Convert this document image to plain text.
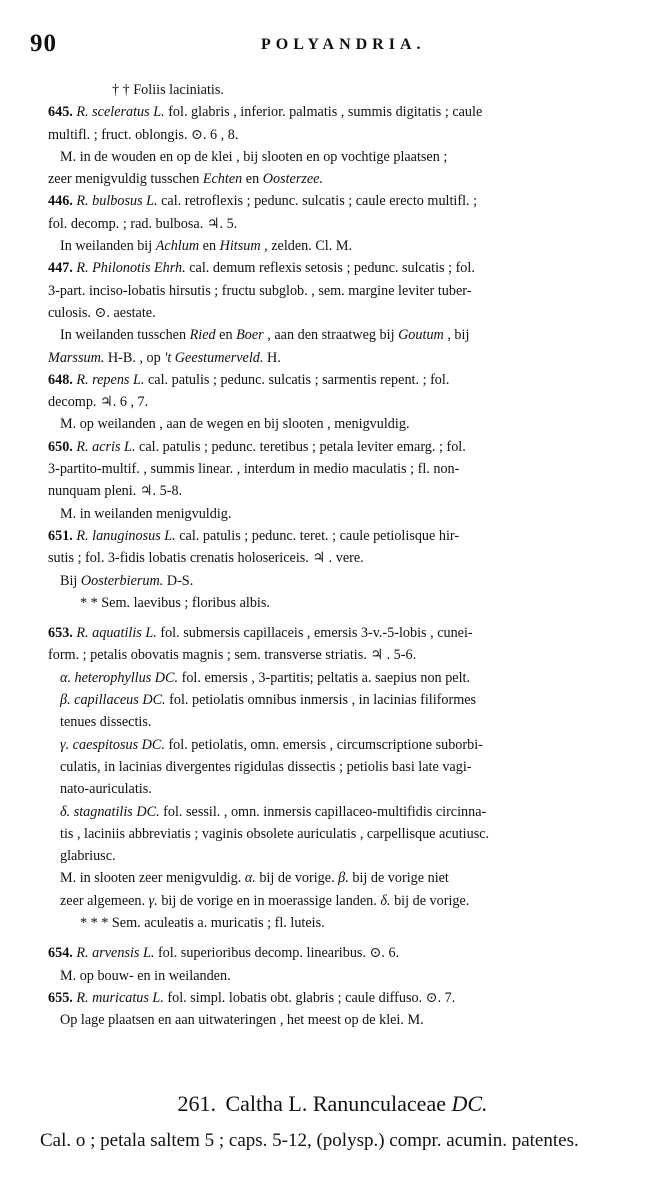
90	POLYANDRIA.
† † Foliis laciniatis.
645. R. sceleratus L. fol. glabris , inferior. palmatis , summis digitatis ; caule
multifl. ; fruct. oblongis. ⊙. 6 , 8.
M. in de wouden en op de klei , bij slooten en op vochtige plaatsen ;
zeer menigvuldig tusschen Echten en Oosterzee.
446. R. bulbosus L. cal. retroflexis ; pedunc. sulcatis ; caule erecto multifl. ;
fol. decomp. ; rad. bulbosa. ♃. 5.
In weilanden bij Achlum en Hitsum , zelden. Cl. M.
447. R. Philonotis Ehrh. cal. demum reflexis setosis ; pedunc. sulcatis ; fol.
3-part. inciso-lobatis hirsutis ; fructu subglob. , sem. margine leviter tuber-
culosis. ⊙. aestate.
In weilanden tusschen Ried en Boer , aan den straatweg bij Goutum , bij
Marssum. H-B. , op 't Geestumerveld. H.
648. R. repens L. cal. patulis ; pedunc. sulcatis ; sarmentis repent. ; fol.
decomp. ♃. 6 , 7.
M. op weilanden , aan de wegen en bij slooten , menigvuldig.
650. R. acris L. cal. patulis ; pedunc. teretibus ; petala leviter emarg. ; fol.
3-partito-multif. , summis linear. , interdum in medio maculatis ; fl. non-
nunquam pleni. ♃. 5-8.
M. in weilanden menigvuldig.
651. R. lanuginosus L. cal. patulis ; pedunc. teret. ; caule petiolisque hir-
sutis ; fol. 3-fidis lobatis crenatis holosericeis. ♃ . vere.
Bij Oosterbierum. D-S.
* * Sem. laevibus ; floribus albis.
653. R. aquatilis L. fol. submersis capillaceis , emersis 3-v.-5-lobis , cunei-
form. ; petalis obovatis magnis ; sem. transverse striatis. ♃ . 5-6.
α. heterophyllus DC. fol. emersis , 3-partitis; peltatis a. saepius non pelt.
β. capillaceus DC. fol. petiolatis omnibus inmersis , in lacinias filiformes
tenues dissectis.
γ. caespitosus DC. fol. petiolatis, omn. emersis , circumscriptione suborbi-
culatis, in lacinias divergentes rigidulas dissectis ; petiolis basi late vagi-
nato-auriculatis.
δ. stagnatilis DC. fol. sessil. , omn. inmersis capillaceo-multifidis circinna-
tis , laciniis abbreviatis ; vaginis obsolete auriculatis , carpellisque acutiusc.
glabriusc.
M. in slooten zeer menigvuldig. α. bij de vorige. β. bij de vorige niet
zeer algemeen. γ. bij de vorige en in moerassige landen. δ. bij de vorige.
* * * Sem. aculeatis a. muricatis ; fl. luteis.
654. R. arvensis L. fol. superioribus decomp. linearibus. ⊙. 6.
M. op bouw- en in weilanden.
655. R. muricatus L. fol. simpl. lobatis obt. glabris ; caule diffuso. ⊙. 7.
Op lage plaatsen en aan uitwateringen , het meest op de klei. M.
261. Caltha L. Ranunculaceae DC.
Cal. o ; petala saltem 5 ; caps. 5-12, (polysp.) compr. acumin. patentes.
